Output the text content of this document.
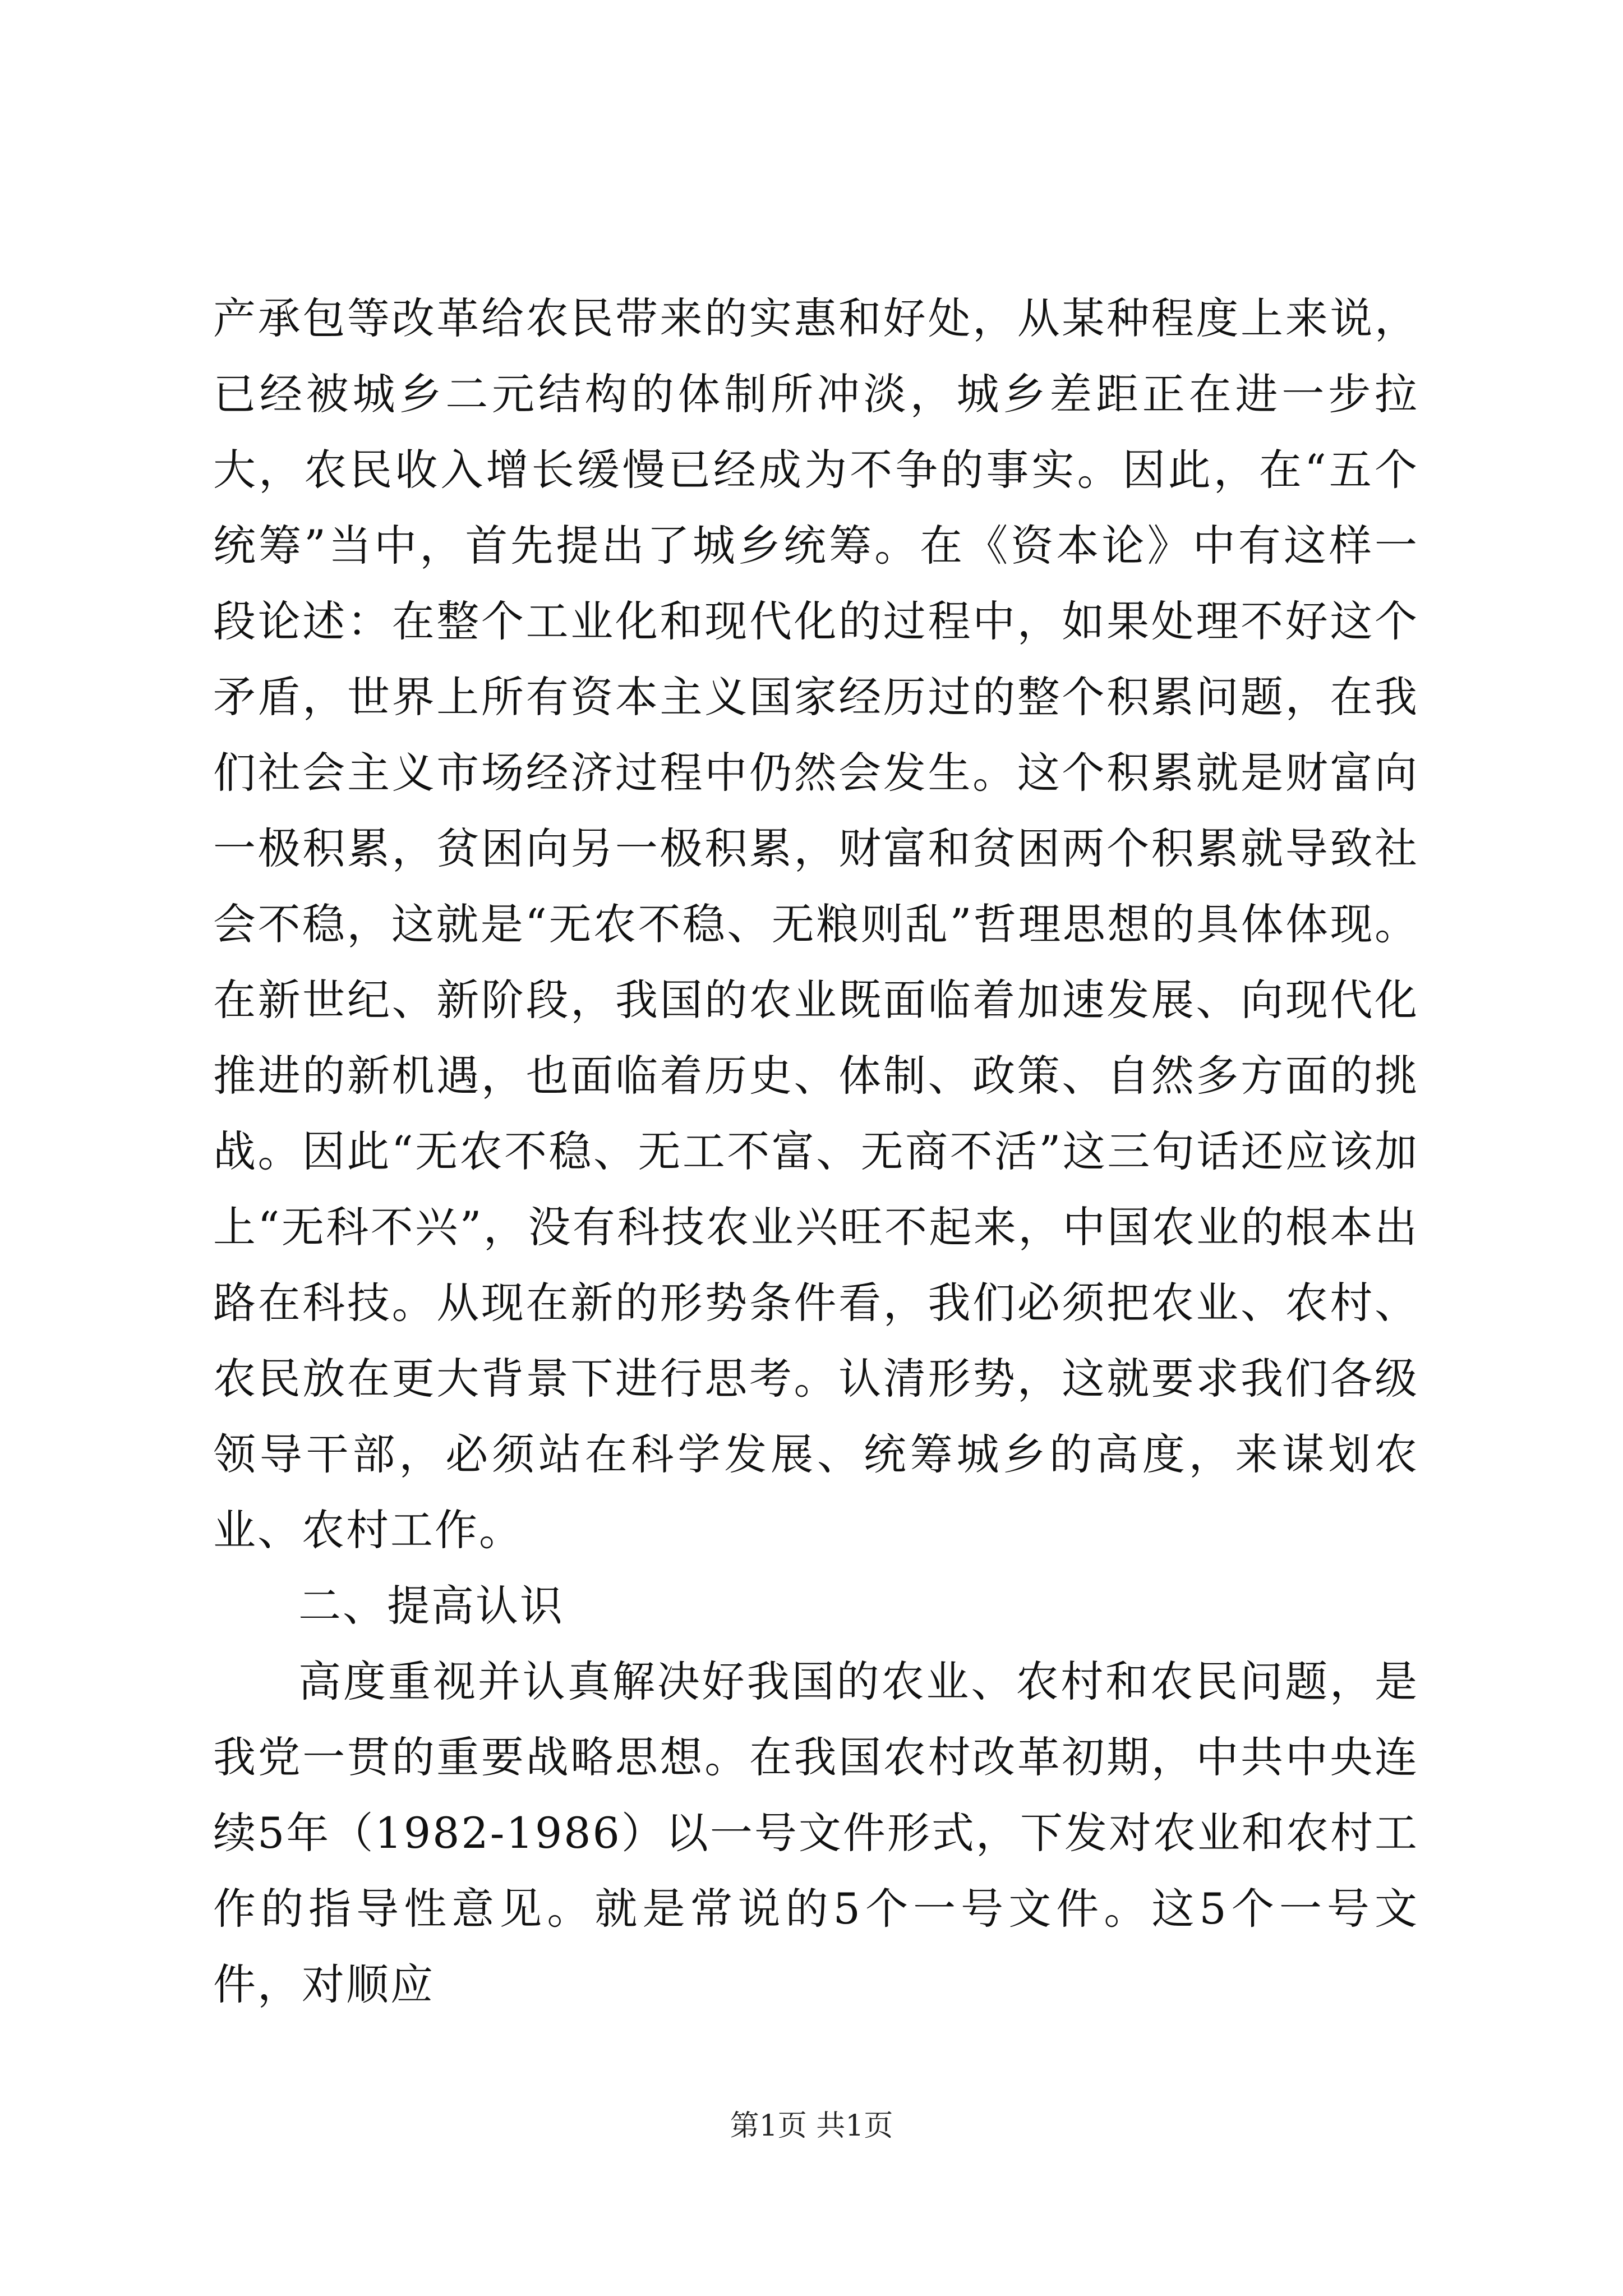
产承包等改革给农民带来的实惠和好处，从某种程度上来说，已经被城乡二元结构的体制所冲淡，城乡差距正在进一步拉大，农民收入增长缓慢已经成为不争的事实。因此，在“五个统筹”当中，首先提出了城乡统筹。在《资本论》中有这样一段论述：在整个工业化和现代化的过程中，如果处理不好这个矛盾，世界上所有资本主义国家经历过的整个积累问题，在我们社会主义市场经济过程中仍然会发生。这个积累就是财富向一极积累，贫困向另一极积累，财富和贫困两个积累就导致社会不稳，这就是“无农不稳、无粮则乱”哲理思想的具体体现。在新世纪、新阶段，我国的农业既面临着加速发展、向现代化推进的新机遇，也面临着历史、体制、政策、自然多方面的挑战。因此“无农不稳、无工不富、无商不活”这三句话还应该加上“无科不兴”，没有科技农业兴旺不起来，中国农业的根本出路在科技。从现在新的形势条件看，我们必须把农业、农村、农民放在更大背景下进行思考。认清形势，这就要求我们各级领导干部，必须站在科学发展、统筹城乡的高度，来谋划农业、农村工作。

二、提高认识

高度重视并认真解决好我国的农业、农村和农民问题，是我党一贯的重要战略思想。在我国农村改革初期，中共中央连续5年（1982-1986）以一号文件形式，下发对农业和农村工作的指导性意见。就是常说的5个一号文件。这5个一号文件，对顺应

第1页 共1页
